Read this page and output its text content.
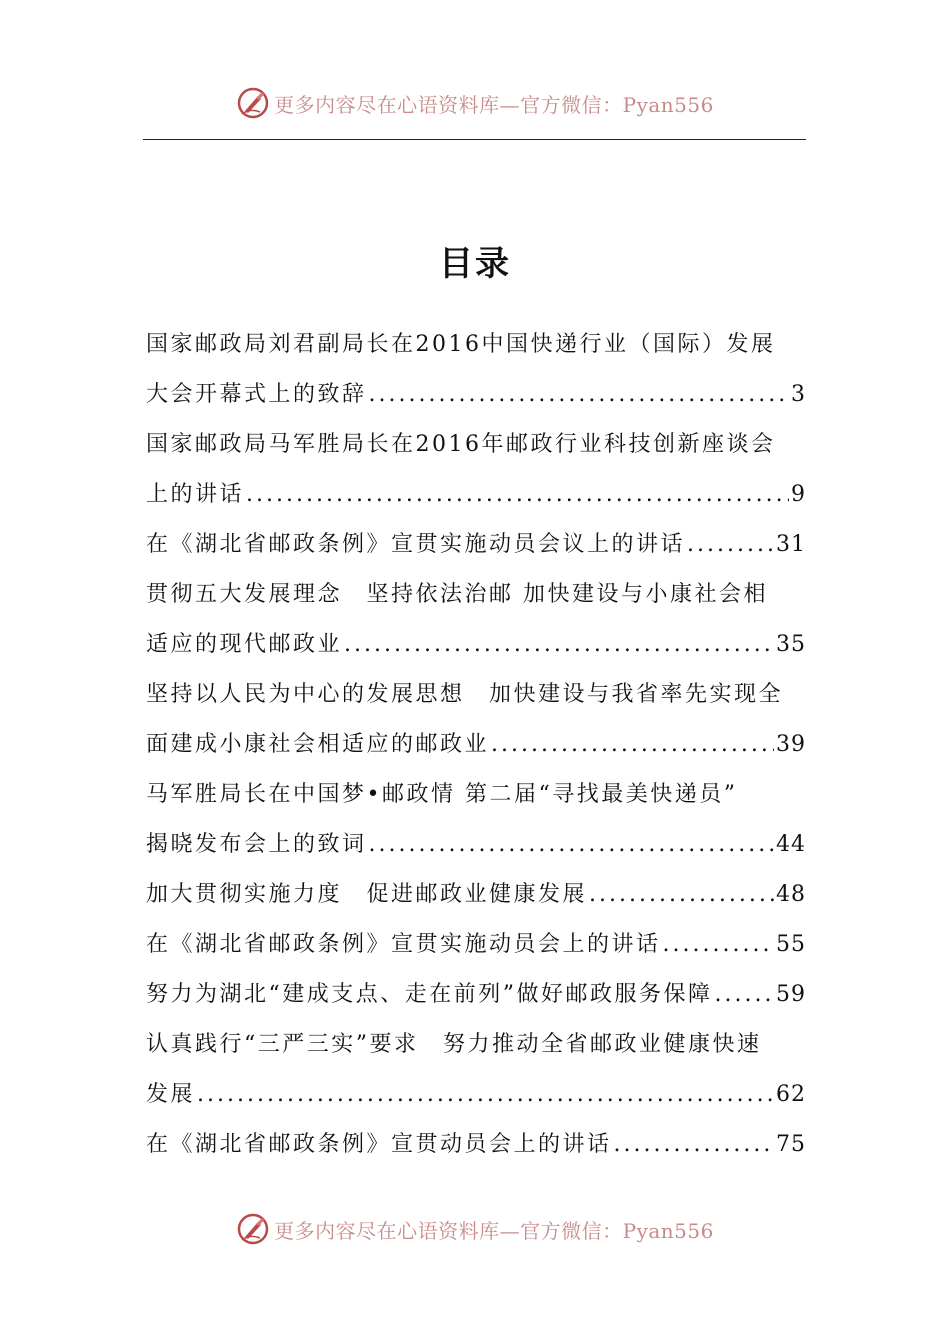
更多内容尽在心语资料库—官方微信：Pyan556
目录
国家邮政局刘君副局长在2016中国快递行业（国际）发展
大会开幕式上的致辞 .....	3
国家邮政局马军胜局长在2016年邮政行业科技创新座谈会
上的讲话 .....	9
在《湖北省邮政条例》宣贯实施动员会议上的讲话 .....	31
贯彻五大发展理念　坚持依法治邮 加快建设与小康社会相
适应的现代邮政业 .....	35
坚持以人民为中心的发展思想　加快建设与我省率先实现全
面建成小康社会相适应的邮政业 .....	39
马军胜局长在中国梦•邮政情 第二届“寻找最美快递员”
揭晓发布会上的致词 .....	44
加大贯彻实施力度　促进邮政业健康发展 .....	48
在《湖北省邮政条例》宣贯实施动员会上的讲话 .....	55
努力为湖北“建成支点、走在前列”做好邮政服务保障 .....	59
认真践行“三严三实”要求　努力推动全省邮政业健康快速
发展 .....	62
在《湖北省邮政条例》宣贯动员会上的讲话 .....	75
更多内容尽在心语资料库—官方微信：Pyan556
